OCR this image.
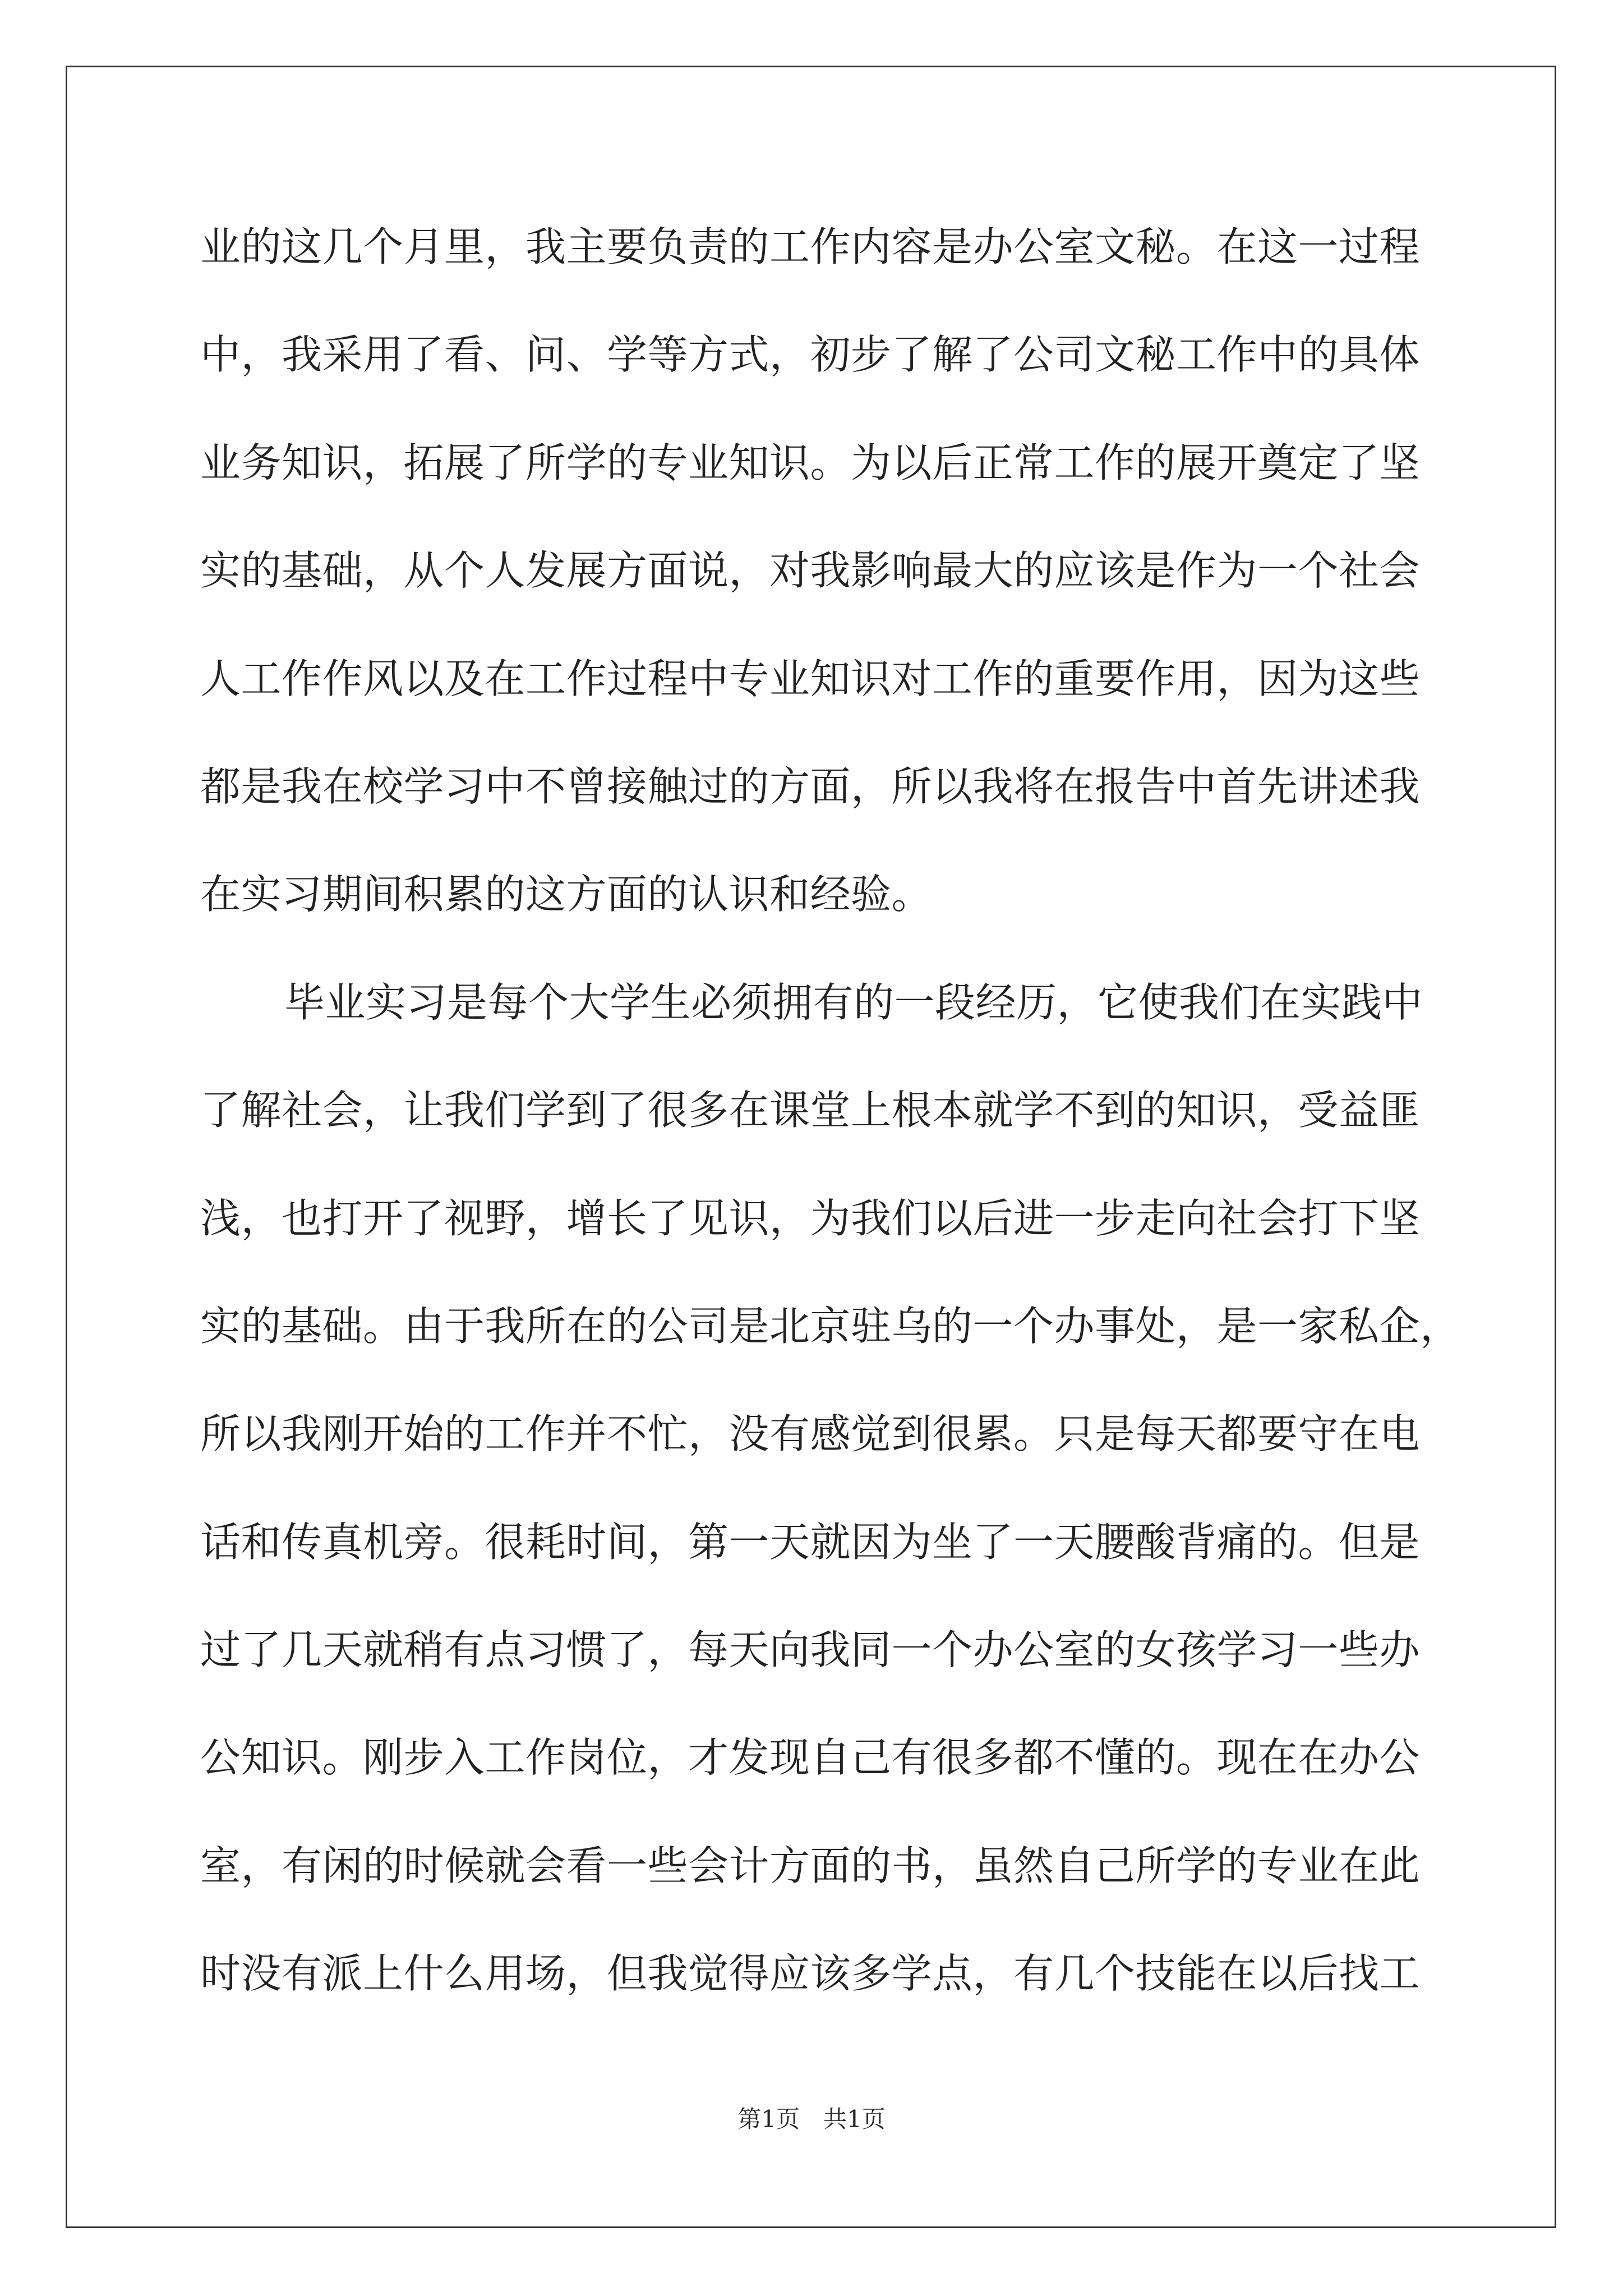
业的这几个月里，我主要负责的工作内容是办公室文秘。在这一过程
中，我采用了看、问、学等方式，初步了解了公司文秘工作中的具体
业务知识，拓展了所学的专业知识。为以后正常工作的展开奠定了坚
实的基础，从个人发展方面说，对我影响最大的应该是作为一个社会
人工作作风以及在工作过程中专业知识对工作的重要作用，因为这些
都是我在校学习中不曾接触过的方面，所以我将在报告中首先讲述我
在实习期间积累的这方面的认识和经验。
毕业实习是每个大学生必须拥有的一段经历，它使我们在实践中
了解社会，让我们学到了很多在课堂上根本就学不到的知识，受益匪
浅，也打开了视野，增长了见识，为我们以后进一步走向社会打下坚
实的基础。由于我所在的公司是北京驻乌的一个办事处，是一家私企，
所以我刚开始的工作并不忙，没有感觉到很累。只是每天都要守在电
话和传真机旁。很耗时间，第一天就因为坐了一天腰酸背痛的。但是
过了几天就稍有点习惯了，每天向我同一个办公室的女孩学习一些办
公知识。刚步入工作岗位，才发现自己有很多都不懂的。现在在办公
室，有闲的时候就会看一些会计方面的书，虽然自己所学的专业在此
时没有派上什么用场，但我觉得应该多学点，有几个技能在以后找工
第1页　共1页
